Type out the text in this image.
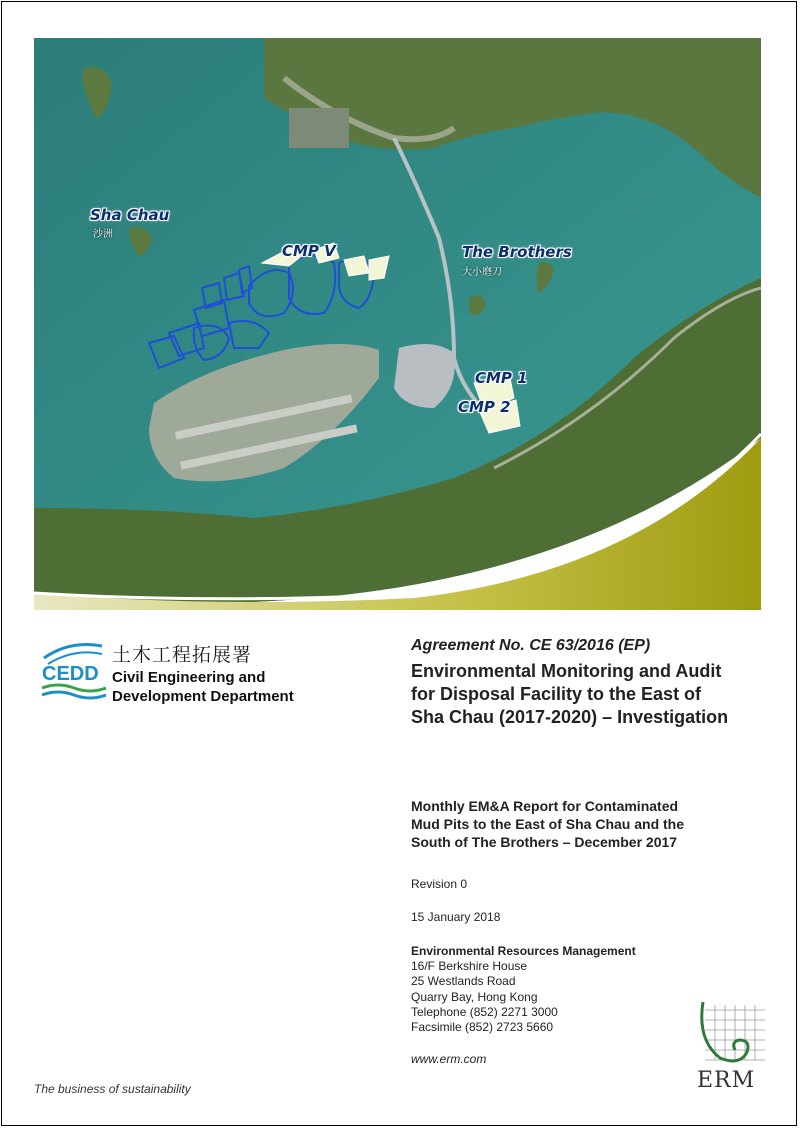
Sha Chau
沙洲
CMP V	The Brothers
大小磨刀
CMP 1
CMP 2
CEDD
土木工程拓展署
Civil Engineering and
Development Department
Agreement No. CE 63/2016 (EP)
Environmental Monitoring and Audit
for Disposal Facility to the East of
Sha Chau (2017-2020) – Investigation
Monthly EM&A Report for Contaminated
Mud Pits to the East of Sha Chau and the
South of The Brothers – December 2017
Revision 0
15 January 2018
Environmental Resources Management
16/F Berkshire House
25 Westlands Road
Quarry Bay, Hong Kong
Telephone (852) 2271 3000
Facsimile (852) 2723 5660
www.erm.com
The business of sustainability	ERM
